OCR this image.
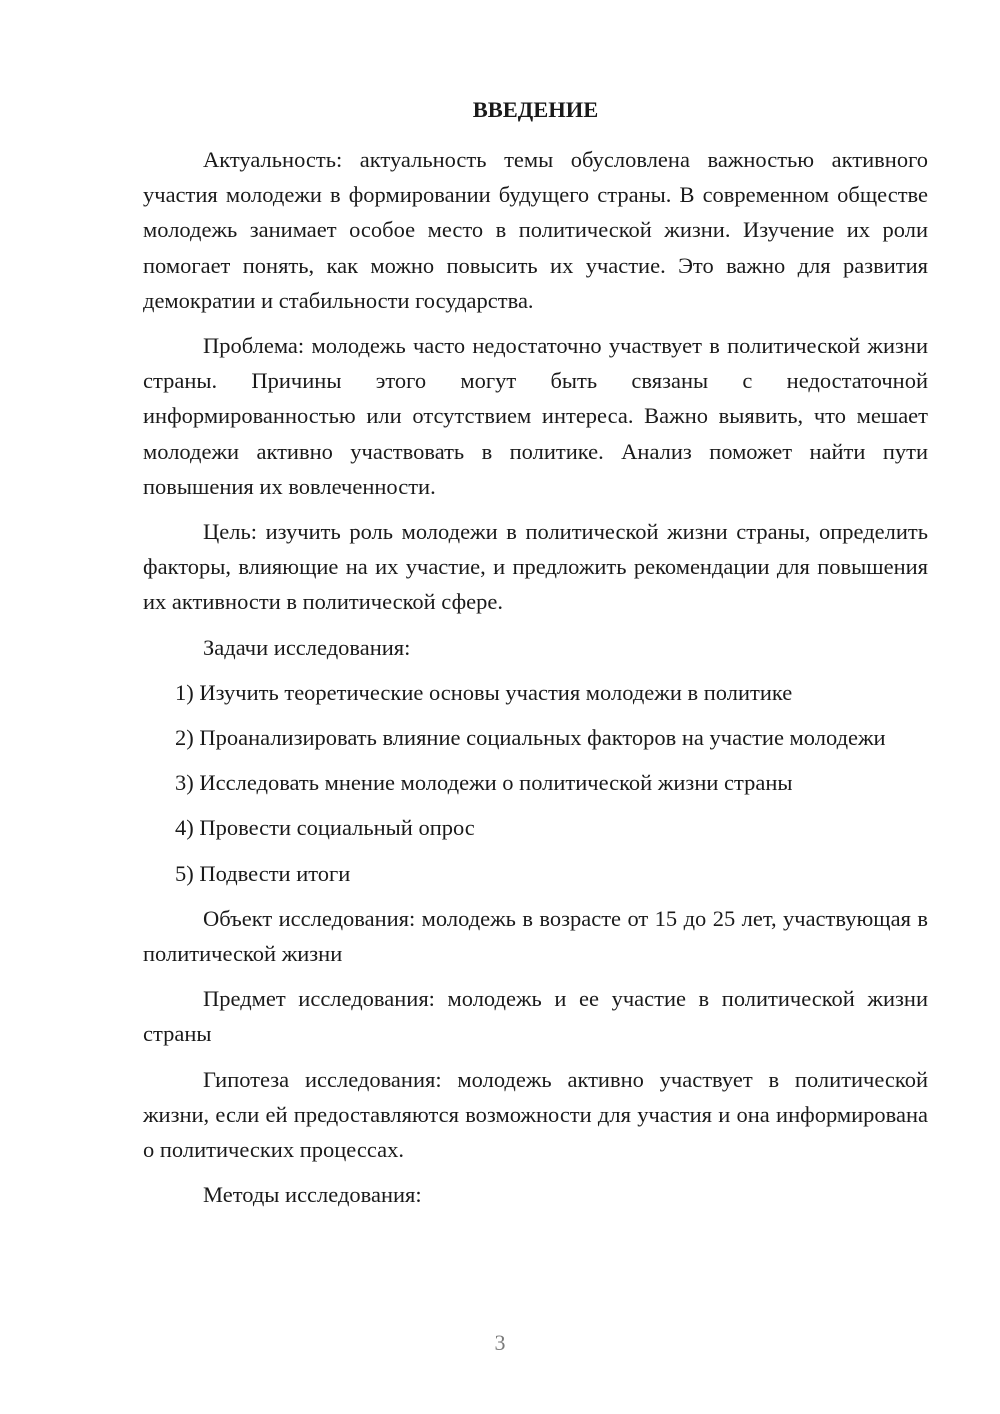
ВВЕДЕНИЕ

Актуальность: актуальность темы обусловлена важностью активного участия молодежи в формировании будущего страны. В современном обществе молодежь занимает особое место в политической жизни. Изучение их роли помогает понять, как можно повысить их участие. Это важно для развития демократии и стабильности государства.

Проблема: молодежь часто недостаточно участвует в политической жизни страны. Причины этого могут быть связаны с недостаточной информированностью или отсутствием интереса. Важно выявить, что мешает молодежи активно участвовать в политике. Анализ поможет найти пути повышения их вовлеченности.

Цель: изучить роль молодежи в политической жизни страны, определить факторы, влияющие на их участие, и предложить рекомендации для повышения их активности в политической сфере.

Задачи исследования:

1) Изучить теоретические основы участия молодежи в политике

2) Проанализировать влияние социальных факторов на участие молодежи

3) Исследовать мнение молодежи о политической жизни страны

4) Провести социальный опрос

5) Подвести итоги

Объект исследования: молодежь в возрасте от 15 до 25 лет, участвующая в политической жизни

Предмет исследования: молодежь и ее участие в политической жизни страны

Гипотеза исследования: молодежь активно участвует в политической жизни, если ей предоставляются возможности для участия и она информирована о политических процессах.

Методы исследования:

3
